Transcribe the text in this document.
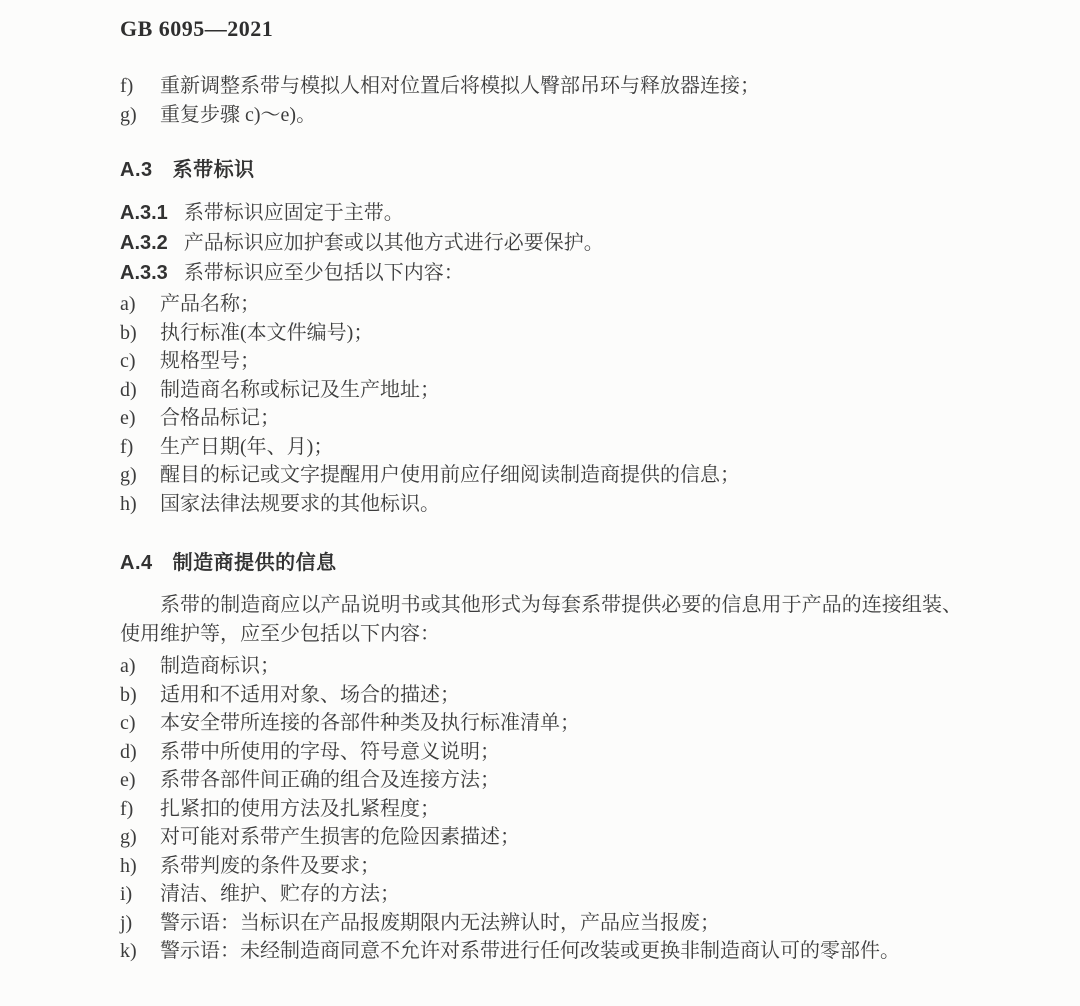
GB 6095—2021
f)	重新调整系带与模拟人相对位置后将模拟人臀部吊环与释放器连接；
g)	重复步骤 c)～e)。
A.3 系带标识
A.3.1 系带标识应固定于主带。
A.3.2 产品标识应加护套或以其他方式进行必要保护。
A.3.3 系带标识应至少包括以下内容：
a)	产品名称；
b)	执行标准(本文件编号)；
c)	规格型号；
d)	制造商名称或标记及生产地址；
e)	合格品标记；
f)	生产日期(年、月)；
g)	醒目的标记或文字提醒用户使用前应仔细阅读制造商提供的信息；
h)	国家法律法规要求的其他标识。
A.4 制造商提供的信息
系带的制造商应以产品说明书或其他形式为每套系带提供必要的信息用于产品的连接组装、使用维护等，应至少包括以下内容：
a)	制造商标识；
b)	适用和不适用对象、场合的描述；
c)	本安全带所连接的各部件种类及执行标准清单；
d)	系带中所使用的字母、符号意义说明；
e)	系带各部件间正确的组合及连接方法；
f)	扎紧扣的使用方法及扎紧程度；
g)	对可能对系带产生损害的危险因素描述；
h)	系带判废的条件及要求；
i)	清洁、维护、贮存的方法；
j)	警示语：当标识在产品报废期限内无法辨认时，产品应当报废；
k)	警示语：未经制造商同意不允许对系带进行任何改装或更换非制造商认可的零部件。
